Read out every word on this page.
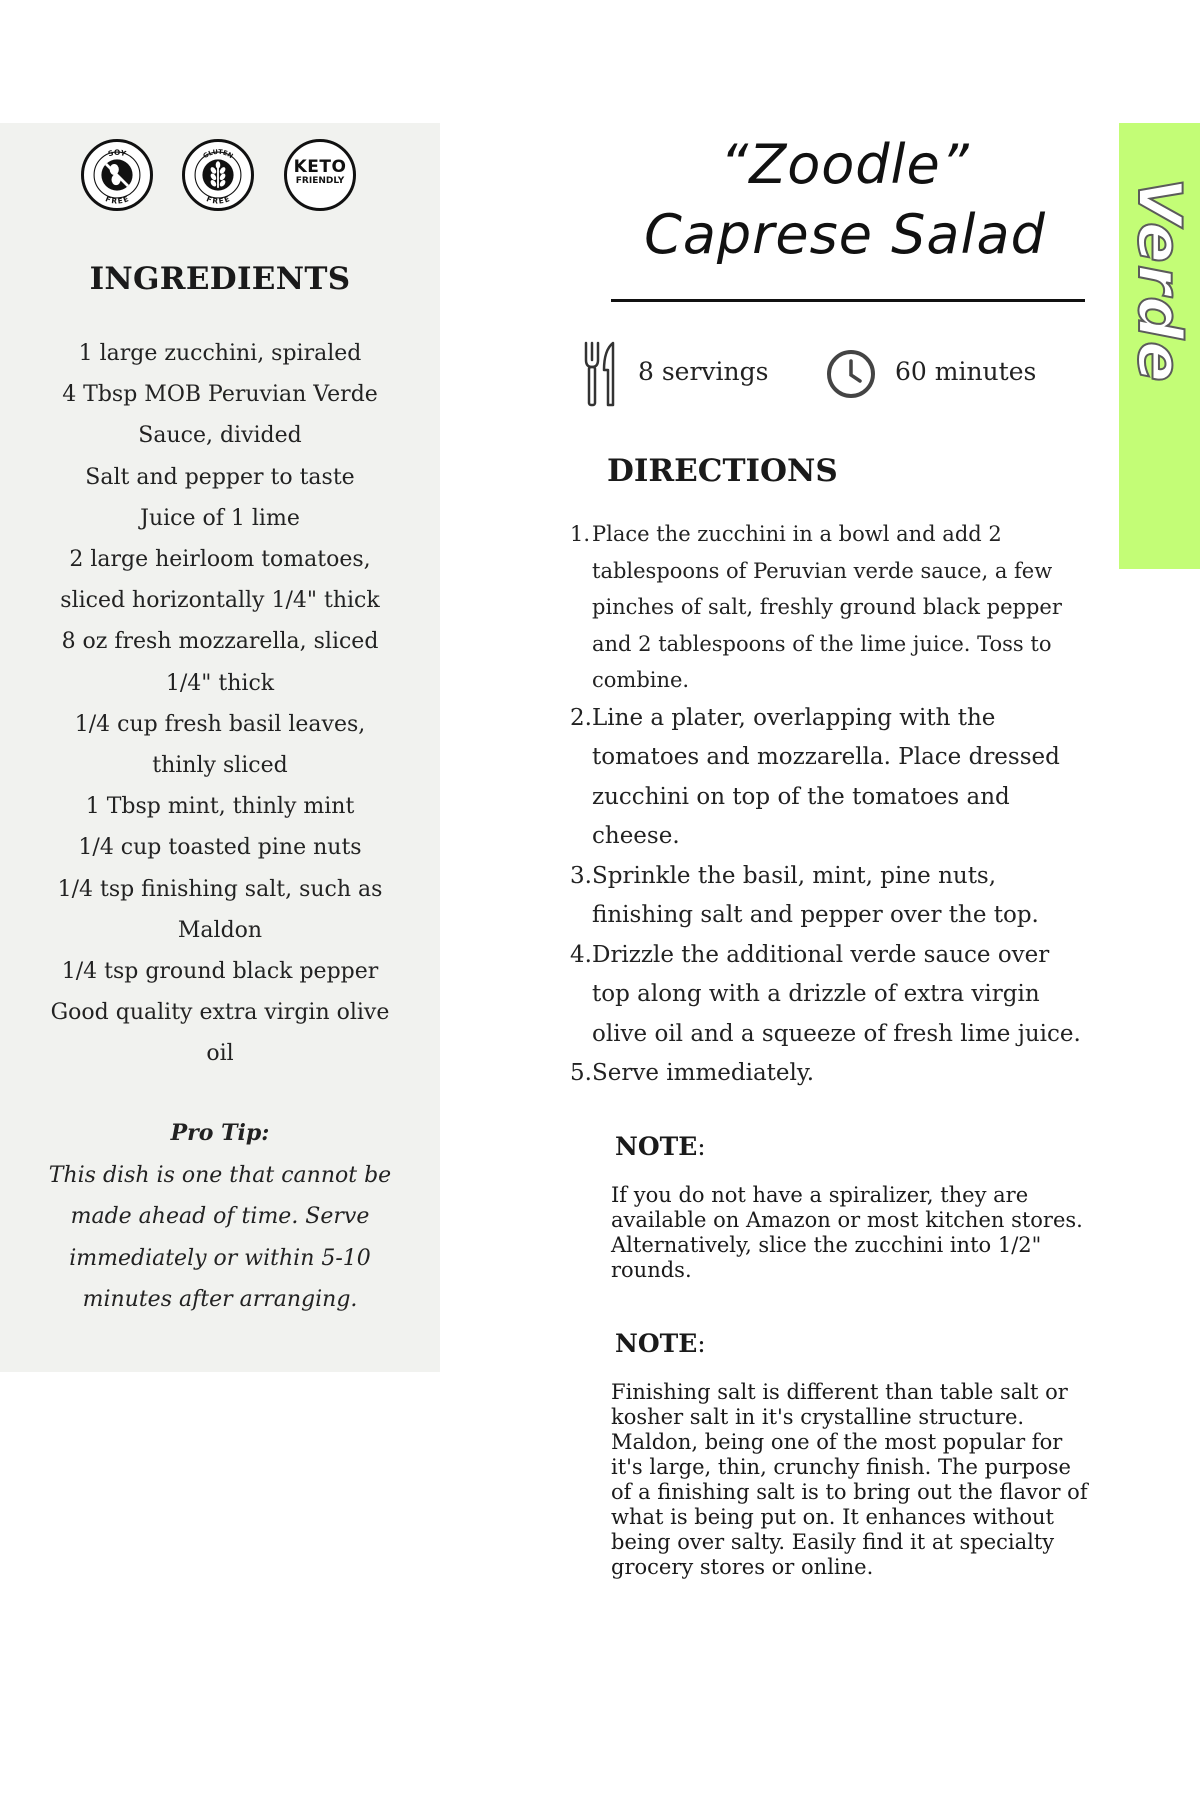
SOY
FREE
GLUTEN
FREE
KETO
FRIENDLY
INGREDIENTS
1 large zucchini, spiraled
4 Tbsp MOB Peruvian Verde
Sauce, divided
Salt and pepper to taste
Juice of 1 lime
2 large heirloom tomatoes,
sliced horizontally 1/4" thick
8 oz fresh mozzarella, sliced
1/4" thick
1/4 cup fresh basil leaves,
thinly sliced
1 Tbsp mint, thinly mint
1/4 cup toasted pine nuts
1/4 tsp finishing salt, such as
Maldon
1/4 tsp ground black pepper
Good quality extra virgin olive
oil
Pro Tip:
This dish is one that cannot be
made ahead of time. Serve
immediately or within 5-10
minutes after arranging.
“Zoodle”
Caprese Salad
8 servings	60 minutes
DIRECTIONS
1. Place the zucchini in a bowl and add 2 tablespoons of Peruvian verde sauce, a few pinches of salt, freshly ground black pepper and 2 tablespoons of the lime juice. Toss to combine.
2. Line a plater, overlapping with the tomatoes and mozzarella. Place dressed zucchini on top of the tomatoes and cheese.
3. Sprinkle the basil, mint, pine nuts, finishing salt and pepper over the top.
4. Drizzle the additional verde sauce over top along with a drizzle of extra virgin olive oil and a squeeze of fresh lime juice.
5. Serve immediately.
NOTE:
If you do not have a spiralizer, they are available on Amazon or most kitchen stores. Alternatively, slice the zucchini into 1/2" rounds.
NOTE:
Finishing salt is different than table salt or kosher salt in it's crystalline structure. Maldon, being one of the most popular for it's large, thin, crunchy finish. The purpose of a finishing salt is to bring out the flavor of what is being put on. It enhances without being over salty. Easily find it at specialty grocery stores or online.
Verde
